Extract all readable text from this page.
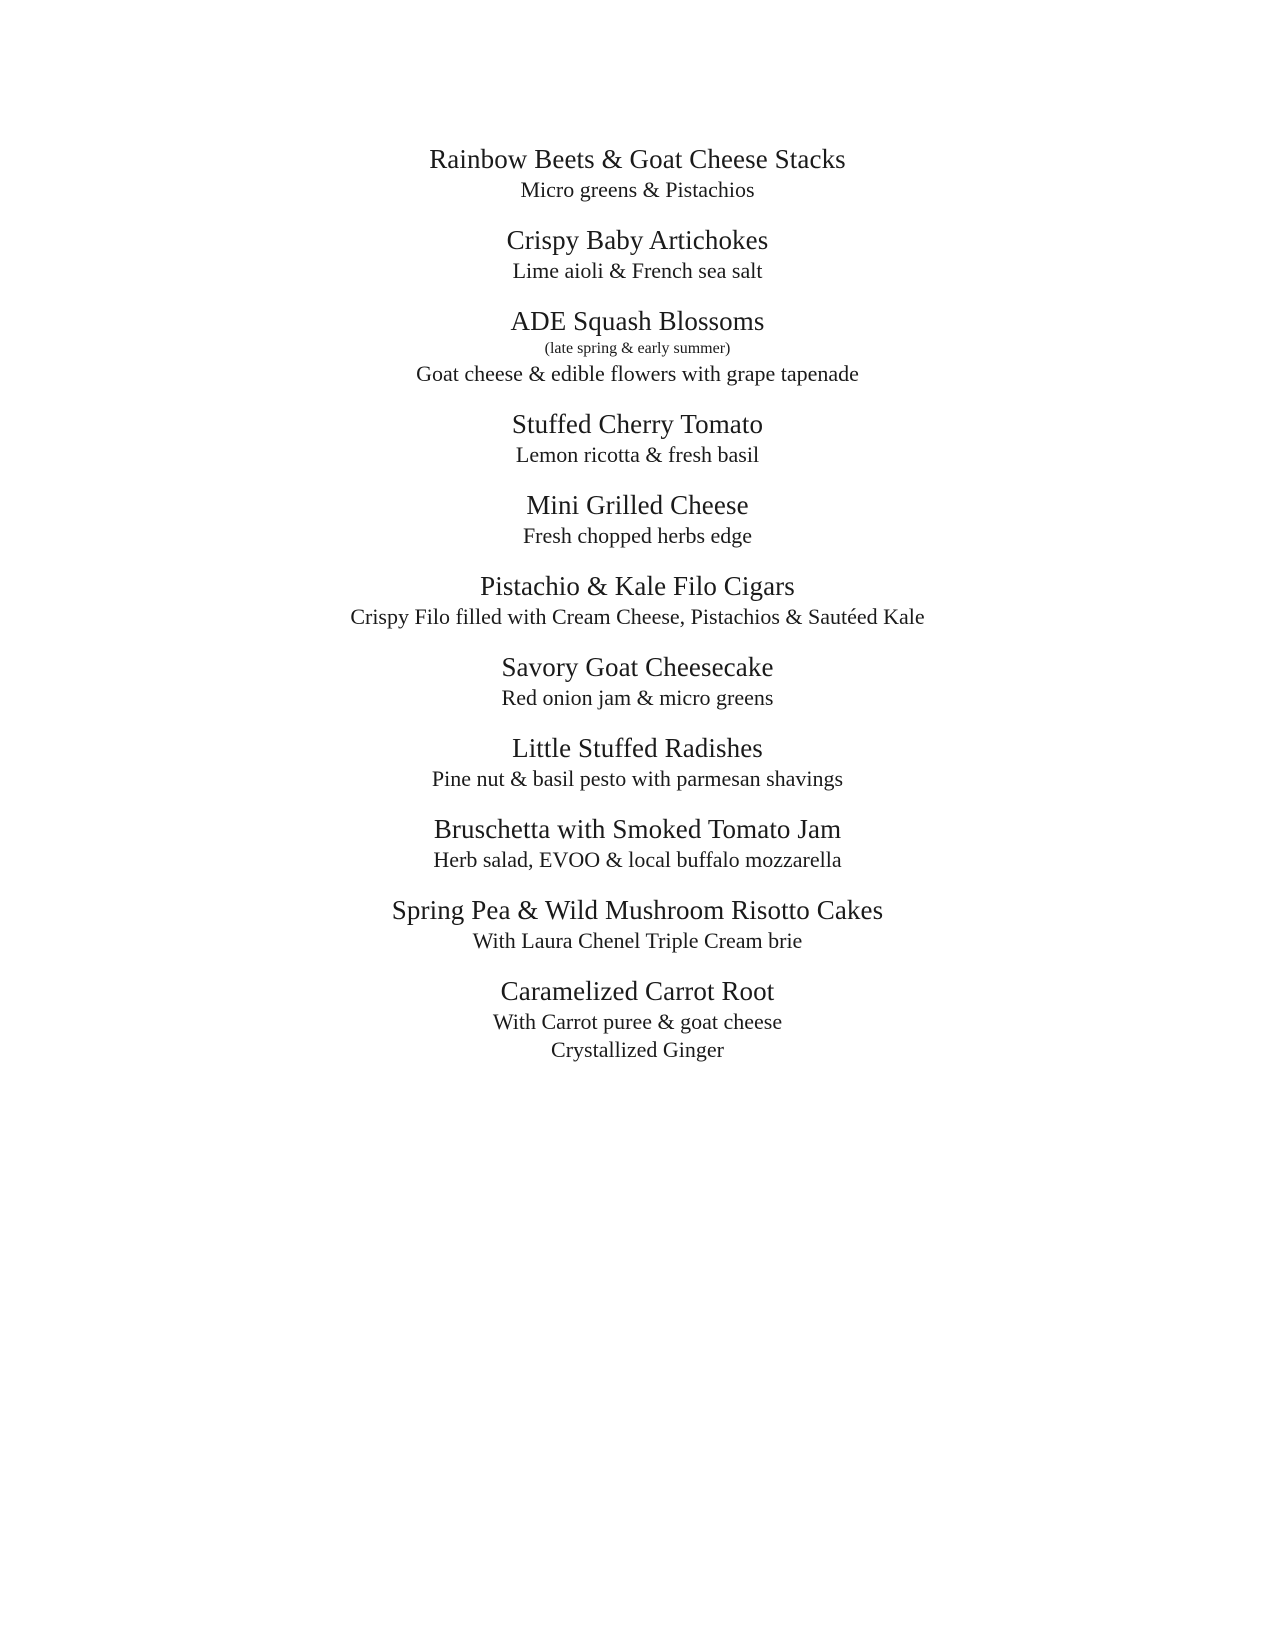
Rainbow Beets & Goat Cheese Stacks
Micro greens & Pistachios
Crispy Baby Artichokes
Lime aioli & French sea salt
ADE Squash Blossoms
(late spring & early summer)
Goat cheese & edible flowers with grape tapenade
Stuffed Cherry Tomato
Lemon ricotta & fresh basil
Mini Grilled Cheese
Fresh chopped herbs edge
Pistachio & Kale Filo Cigars
Crispy Filo filled with Cream Cheese, Pistachios & Sautéed Kale
Savory Goat Cheesecake
Red onion jam & micro greens
Little Stuffed Radishes
Pine nut & basil pesto with parmesan shavings
Bruschetta with Smoked Tomato Jam
Herb salad, EVOO & local buffalo mozzarella
Spring Pea & Wild Mushroom Risotto Cakes
With Laura Chenel Triple Cream brie
Caramelized Carrot Root
With Carrot puree & goat cheese
Crystallized Ginger
